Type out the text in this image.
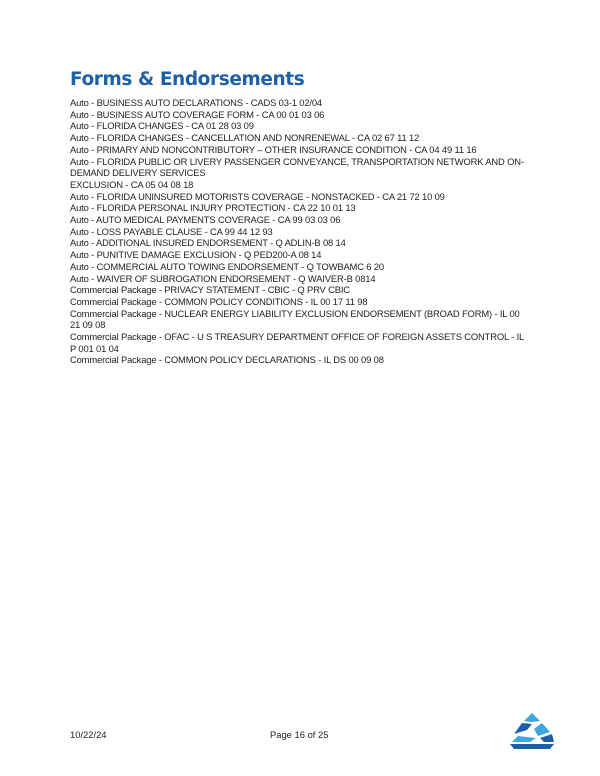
Forms & Endorsements
Auto - BUSINESS AUTO DECLARATIONS - CADS 03-1 02/04
Auto - BUSINESS AUTO COVERAGE FORM - CA 00 01 03 06
Auto - FLORIDA CHANGES - CA 01 28 03 09
Auto - FLORIDA CHANGES - CANCELLATION AND NONRENEWAL - CA 02 67 11 12
Auto - PRIMARY AND NONCONTRIBUTORY – OTHER INSURANCE CONDITION - CA 04 49 11 16
Auto - FLORIDA PUBLIC OR LIVERY PASSENGER CONVEYANCE, TRANSPORTATION NETWORK AND ON-DEMAND DELIVERY SERVICES
EXCLUSION - CA 05 04 08 18
Auto - FLORIDA UNINSURED MOTORISTS COVERAGE - NONSTACKED - CA 21 72 10 09
Auto - FLORIDA PERSONAL INJURY PROTECTION - CA 22 10 01 13
Auto - AUTO MEDICAL PAYMENTS COVERAGE - CA 99 03 03 06
Auto - LOSS PAYABLE CLAUSE - CA 99 44 12 93
Auto - ADDITIONAL INSURED ENDORSEMENT - Q ADLIN-B 08 14
Auto - PUNITIVE DAMAGE EXCLUSION - Q PED200-A 08 14
Auto - COMMERCIAL AUTO TOWING ENDORSEMENT - Q TOWBAMC 6 20
Auto - WAIVER OF SUBROGATION ENDORSEMENT - Q WAIVER-B 0814
Commercial Package - PRIVACY STATEMENT - CBIC - Q PRV CBIC
Commercial Package - COMMON POLICY CONDITIONS - IL 00 17 11 98
Commercial Package - NUCLEAR ENERGY LIABILITY EXCLUSION ENDORSEMENT (BROAD FORM) - IL 00 21 09 08
Commercial Package - OFAC - U S TREASURY DEPARTMENT OFFICE OF FOREIGN ASSETS CONTROL - IL P 001 01 04
Commercial Package - COMMON POLICY DECLARATIONS - IL DS 00 09 08
10/22/24	Page 16 of 25
